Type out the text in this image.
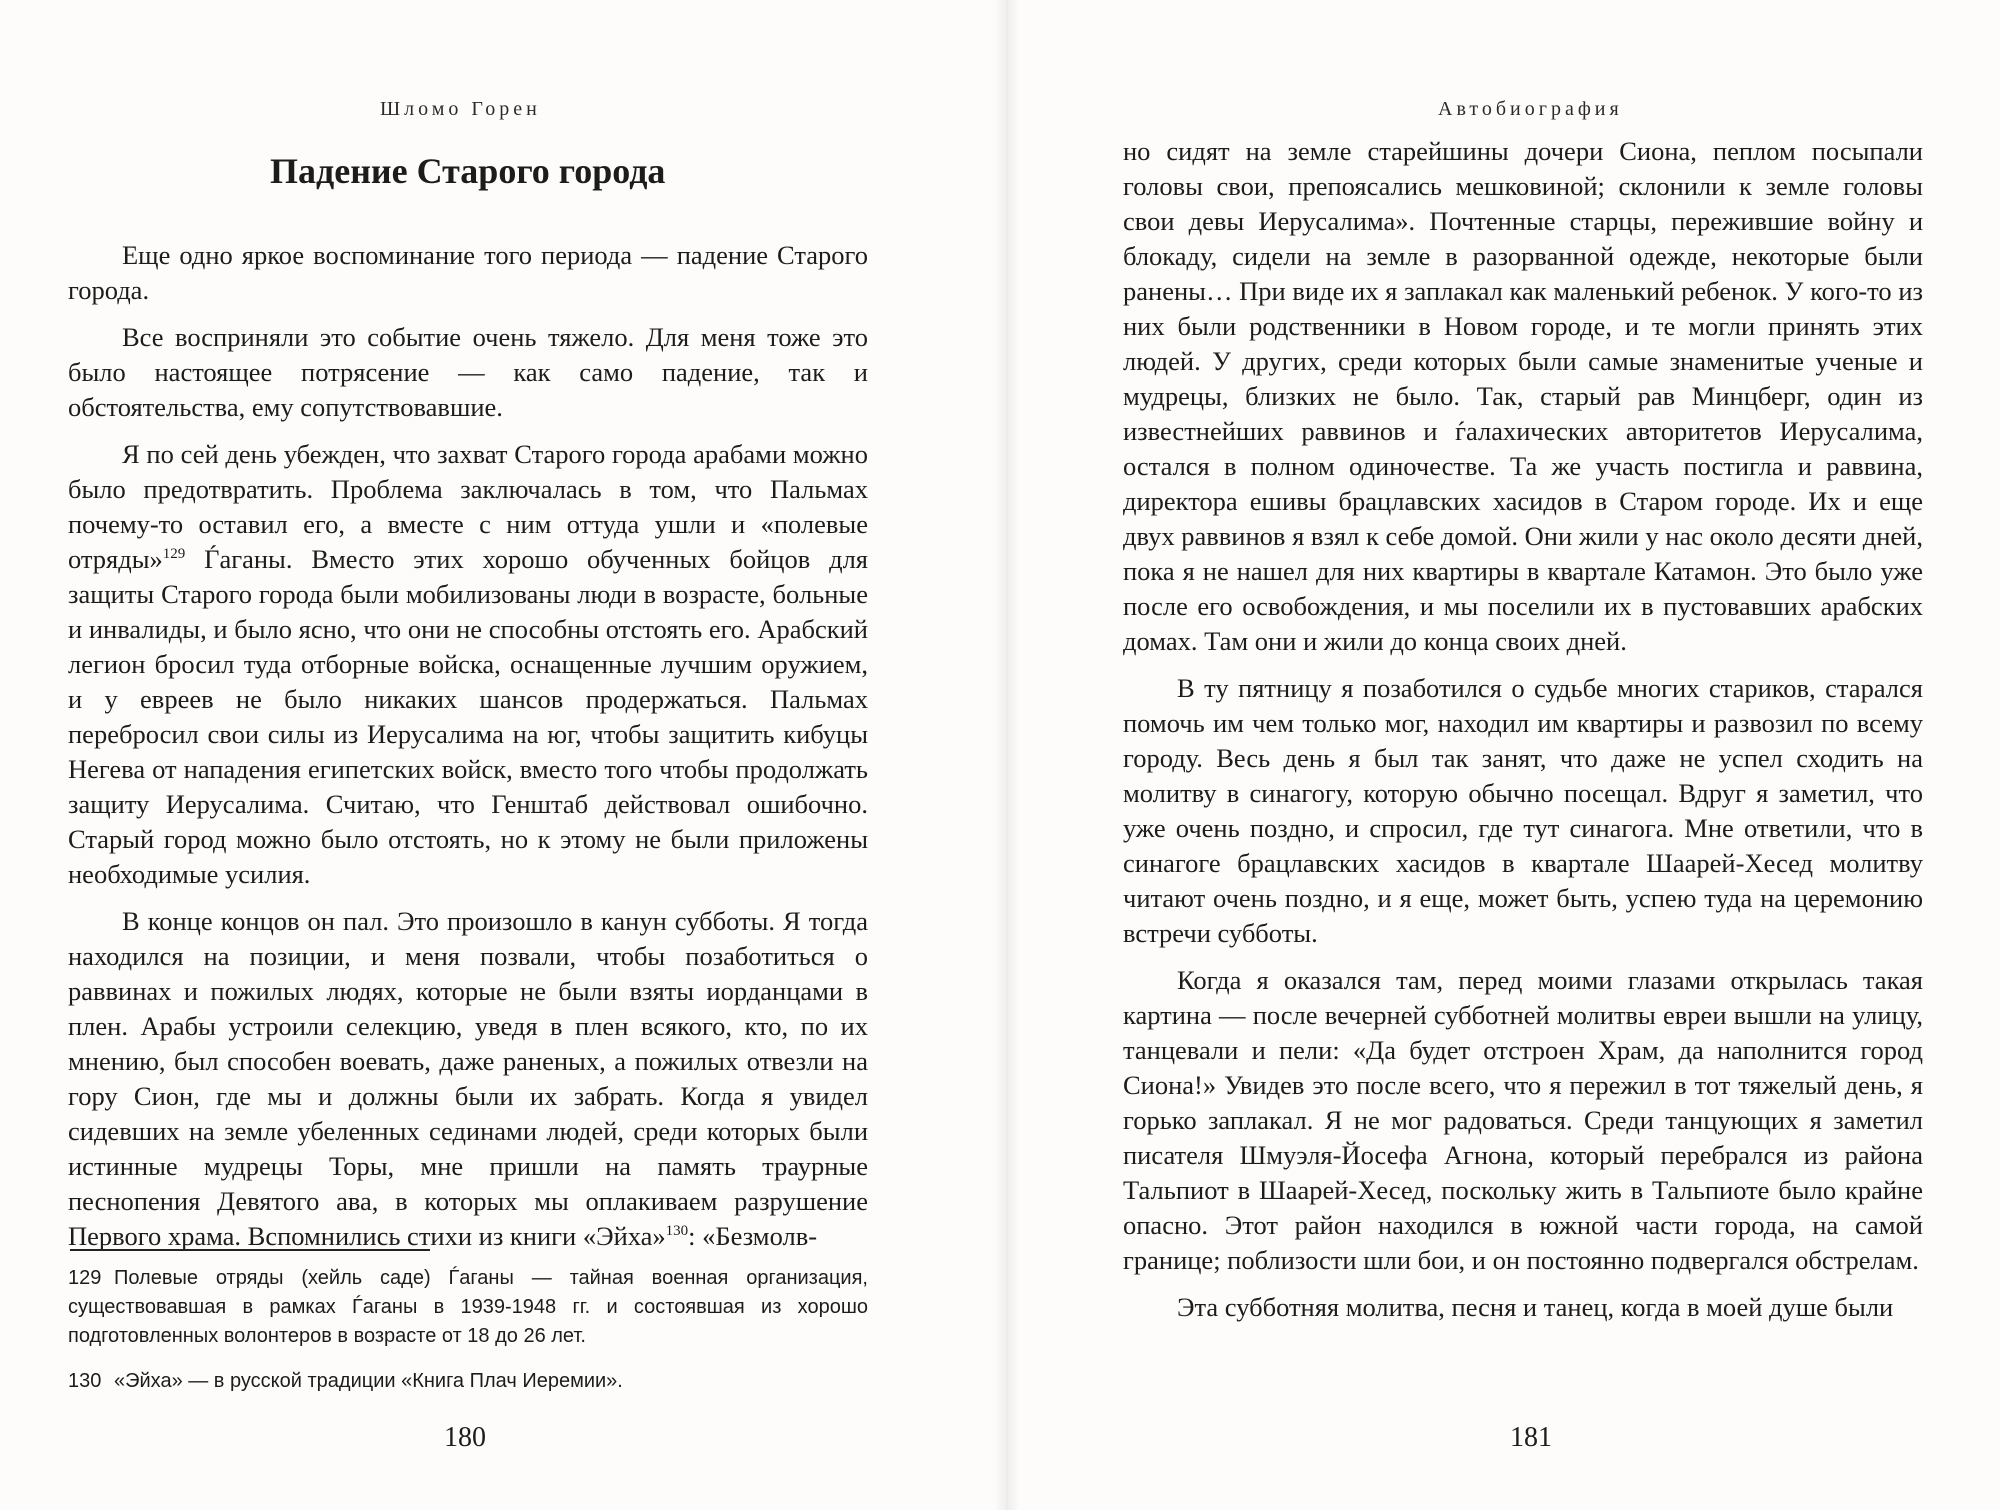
Шломо Горен
Падение Старого города

Еще одно яркое воспоминание того периода — падение Старого города.

Все восприняли это событие очень тяжело. Для меня тоже это было настоящее потрясение — как само падение, так и обстоятельства, ему сопутствовавшие.

Я по сей день убежден, что захват Старого города арабами можно было предотвратить. Проблема заключалась в том, что Пальмах почему-то оставил его, а вместе с ним оттуда ушли и «полевые отряды»$^{129}$ Ѓаганы. Вместо этих хорошо обученных бойцов для защиты Старого города были мобилизованы люди в возрасте, больные и инвалиды, и было ясно, что они не способны отстоять его. Арабский легион бросил туда отборные войска, оснащенные лучшим оружием, и у евреев не было никаких шансов продержаться. Пальмах перебросил свои силы из Иерусалима на юг, чтобы защитить кибуцы Негева от нападения египетских войск, вместо того чтобы продолжать защиту Иерусалима. Считаю, что Генштаб действовал ошибочно. Старый город можно было отстоять, но к этому не были приложены необходимые усилия.

В конце концов он пал. Это произошло в канун субботы. Я тогда находился на позиции, и меня позвали, чтобы позаботиться о раввинах и пожилых людях, которые не были взяты иорданцами в плен. Арабы устроили селекцию, уведя в плен всякого, кто, по их мнению, был способен воевать, даже раненых, а пожилых отвезли на гору Сион, где мы и должны были их забрать. Когда я увидел сидевших на земле убеленных сединами людей, среди которых были истинные мудрецы Торы, мне пришли на память траурные песнопения Девятого ава, в которых мы оплакиваем разрушение Первого храма. Вспомнились стихи из книги «Эйха»$^{130}$: «Безмолв-

129 Полевые отряды (хейль саде) Ѓаганы — тайная военная организация, существовавшая в рамках Ѓаганы в 1939-1948 гг. и состоявшая из хорошо подготовленных волонтеров в возрасте от 18 до 26 лет.

130 «Эйха» — в русской традиции «Книга Плач Иеремии».

180
Автобиография

но сидят на земле старейшины дочери Сиона, пеплом посыпали головы свои, препоясались мешковиной; склонили к земле головы свои девы Иерусалима». Почтенные старцы, пережившие войну и блокаду, сидели на земле в разорванной одежде, некоторые были ранены… При виде их я заплакал как маленький ребенок. У кого-то из них были родственники в Новом городе, и те могли принять этих людей. У других, среди которых были самые знаменитые ученые и мудрецы, близких не было. Так, старый рав Минцберг, один из известнейших раввинов и ѓалахических авторитетов Иерусалима, остался в полном одиночестве. Та же участь постигла и раввина, директора ешивы брацлавских хасидов в Старом городе. Их и еще двух раввинов я взял к себе домой. Они жили у нас около десяти дней, пока я не нашел для них квартиры в квартале Катамон. Это было уже после его освобождения, и мы поселили их в пустовавших арабских домах. Там они и жили до конца своих дней.

В ту пятницу я позаботился о судьбе многих стариков, старался помочь им чем только мог, находил им квартиры и развозил по всему городу. Весь день я был так занят, что даже не успел сходить на молитву в синагогу, которую обычно посещал. Вдруг я заметил, что уже очень поздно, и спросил, где тут синагога. Мне ответили, что в синагоге брацлавских хасидов в квартале Шаарей-Хесед молитву читают очень поздно, и я еще, может быть, успею туда на церемонию встречи субботы.

Когда я оказался там, перед моими глазами открылась такая картина — после вечерней субботней молитвы евреи вышли на улицу, танцевали и пели: «Да будет отстроен Храм, да наполнится город Сиона!» Увидев это после всего, что я пережил в тот тяжелый день, я горько заплакал. Я не мог радоваться. Среди танцующих я заметил писателя Шмуэля-Йосефа Агнона, который перебрался из района Тальпиот в Шаарей-Хесед, поскольку жить в Тальпиоте было крайне опасно. Этот район находился в южной части города, на самой границе; поблизости шли бои, и он постоянно подвергался обстрелам.

Эта субботняя молитва, песня и танец, когда в моей душе были

181
